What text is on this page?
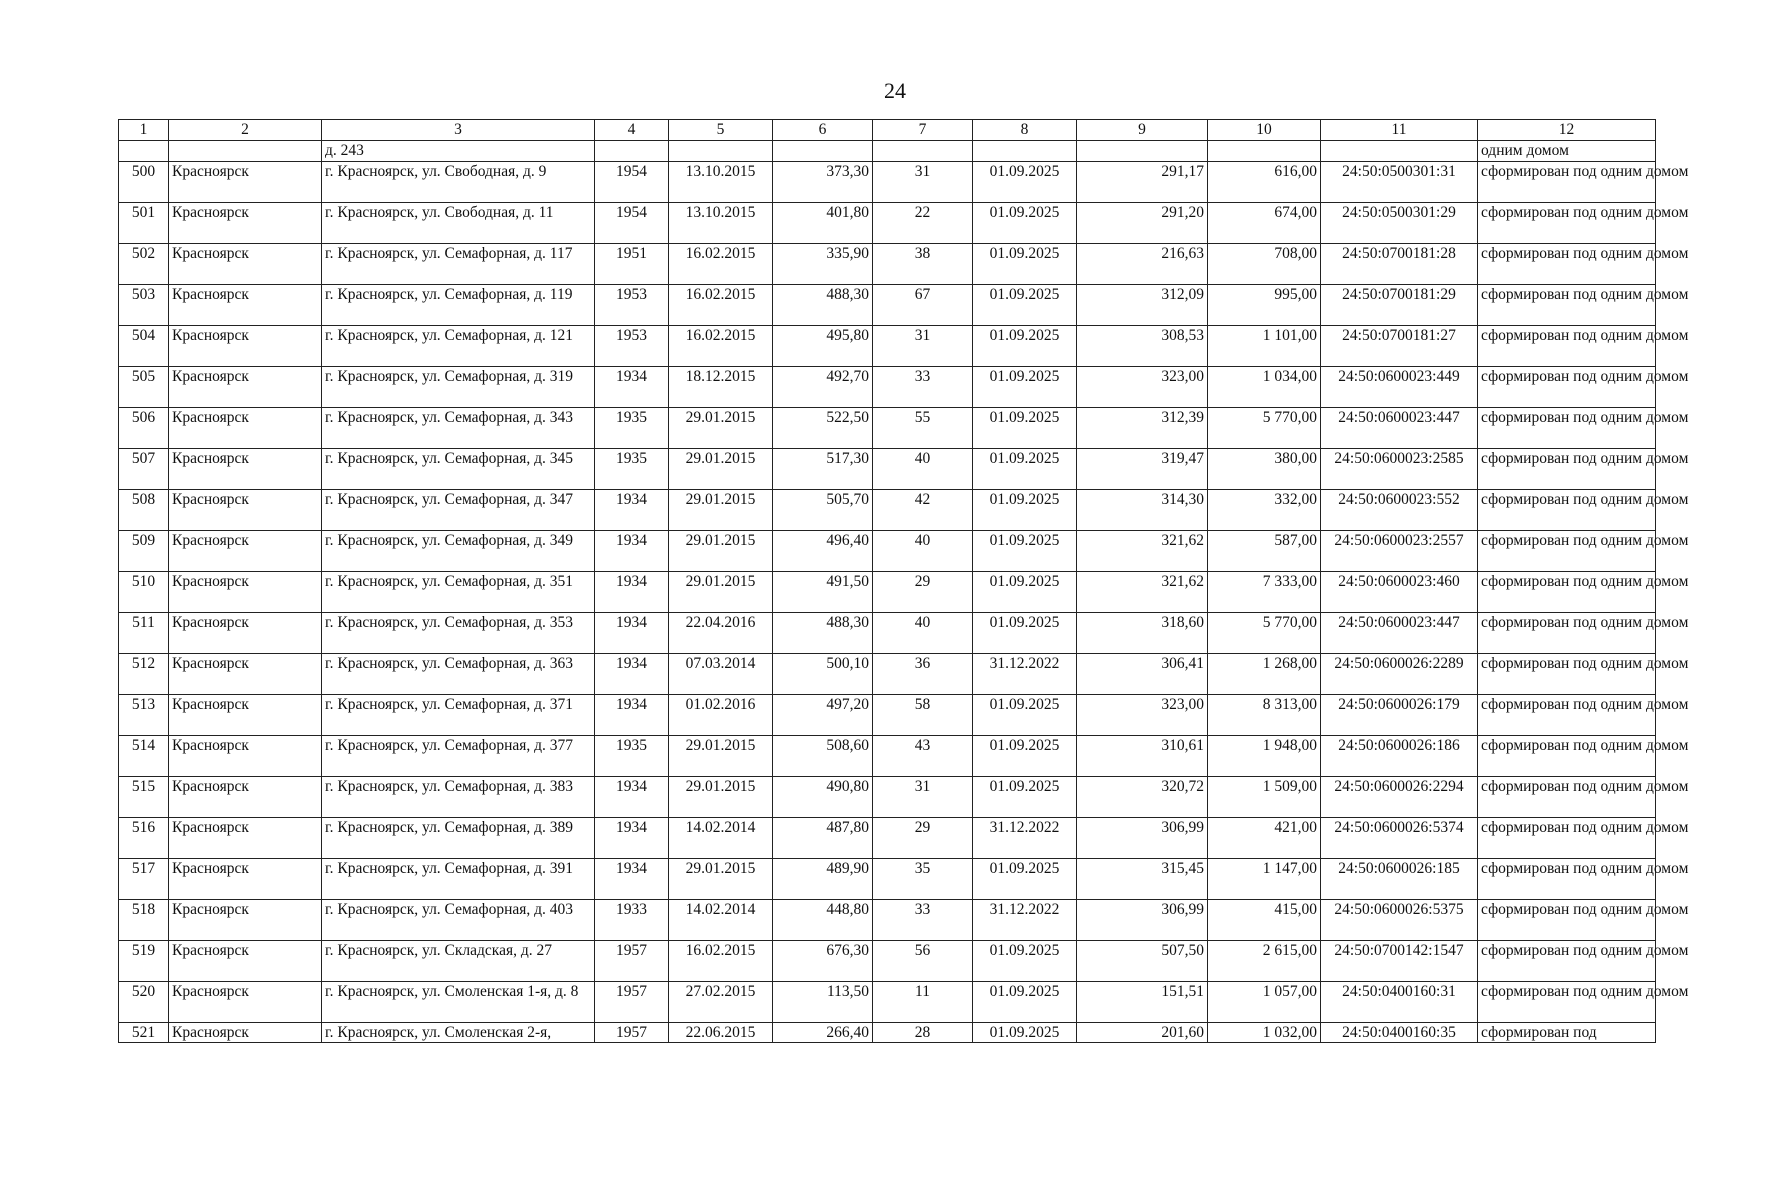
24
1	2	3	4	5	6	7	8	9	10	11	12
		д. 243									одним домом
500	Красноярск	г. Красноярск, ул. Свободная, д. 9	1954	13.10.2015	373,30	31	01.09.2025	291,17	616,00	24:50:0500301:31	сформирован под одним домом
501	Красноярск	г. Красноярск, ул. Свободная, д. 11	1954	13.10.2015	401,80	22	01.09.2025	291,20	674,00	24:50:0500301:29	сформирован под одним домом
502	Красноярск	г. Красноярск, ул. Семафорная, д. 117	1951	16.02.2015	335,90	38	01.09.2025	216,63	708,00	24:50:0700181:28	сформирован под одним домом
503	Красноярск	г. Красноярск, ул. Семафорная, д. 119	1953	16.02.2015	488,30	67	01.09.2025	312,09	995,00	24:50:0700181:29	сформирован под одним домом
504	Красноярск	г. Красноярск, ул. Семафорная, д. 121	1953	16.02.2015	495,80	31	01.09.2025	308,53	1 101,00	24:50:0700181:27	сформирован под одним домом
505	Красноярск	г. Красноярск, ул. Семафорная, д. 319	1934	18.12.2015	492,70	33	01.09.2025	323,00	1 034,00	24:50:0600023:449	сформирован под одним домом
506	Красноярск	г. Красноярск, ул. Семафорная, д. 343	1935	29.01.2015	522,50	55	01.09.2025	312,39	5 770,00	24:50:0600023:447	сформирован под одним домом
507	Красноярск	г. Красноярск, ул. Семафорная, д. 345	1935	29.01.2015	517,30	40	01.09.2025	319,47	380,00	24:50:0600023:2585	сформирован под одним домом
508	Красноярск	г. Красноярск, ул. Семафорная, д. 347	1934	29.01.2015	505,70	42	01.09.2025	314,30	332,00	24:50:0600023:552	сформирован под одним домом
509	Красноярск	г. Красноярск, ул. Семафорная, д. 349	1934	29.01.2015	496,40	40	01.09.2025	321,62	587,00	24:50:0600023:2557	сформирован под одним домом
510	Красноярск	г. Красноярск, ул. Семафорная, д. 351	1934	29.01.2015	491,50	29	01.09.2025	321,62	7 333,00	24:50:0600023:460	сформирован под одним домом
511	Красноярск	г. Красноярск, ул. Семафорная, д. 353	1934	22.04.2016	488,30	40	01.09.2025	318,60	5 770,00	24:50:0600023:447	сформирован под одним домом
512	Красноярск	г. Красноярск, ул. Семафорная, д. 363	1934	07.03.2014	500,10	36	31.12.2022	306,41	1 268,00	24:50:0600026:2289	сформирован под одним домом
513	Красноярск	г. Красноярск, ул. Семафорная, д. 371	1934	01.02.2016	497,20	58	01.09.2025	323,00	8 313,00	24:50:0600026:179	сформирован под одним домом
514	Красноярск	г. Красноярск, ул. Семафорная, д. 377	1935	29.01.2015	508,60	43	01.09.2025	310,61	1 948,00	24:50:0600026:186	сформирован под одним домом
515	Красноярск	г. Красноярск, ул. Семафорная, д. 383	1934	29.01.2015	490,80	31	01.09.2025	320,72	1 509,00	24:50:0600026:2294	сформирован под одним домом
516	Красноярск	г. Красноярск, ул. Семафорная, д. 389	1934	14.02.2014	487,80	29	31.12.2022	306,99	421,00	24:50:0600026:5374	сформирован под одним домом
517	Красноярск	г. Красноярск, ул. Семафорная, д. 391	1934	29.01.2015	489,90	35	01.09.2025	315,45	1 147,00	24:50:0600026:185	сформирован под одним домом
518	Красноярск	г. Красноярск, ул. Семафорная, д. 403	1933	14.02.2014	448,80	33	31.12.2022	306,99	415,00	24:50:0600026:5375	сформирован под одним домом
519	Красноярск	г. Красноярск, ул. Складская, д. 27	1957	16.02.2015	676,30	56	01.09.2025	507,50	2 615,00	24:50:0700142:1547	сформирован под одним домом
520	Красноярск	г. Красноярск, ул. Смоленская 1-я, д. 8	1957	27.02.2015	113,50	11	01.09.2025	151,51	1 057,00	24:50:0400160:31	сформирован под одним домом
521	Красноярск	г. Красноярск, ул. Смоленская 2-я,	1957	22.06.2015	266,40	28	01.09.2025	201,60	1 032,00	24:50:0400160:35	сформирован под
